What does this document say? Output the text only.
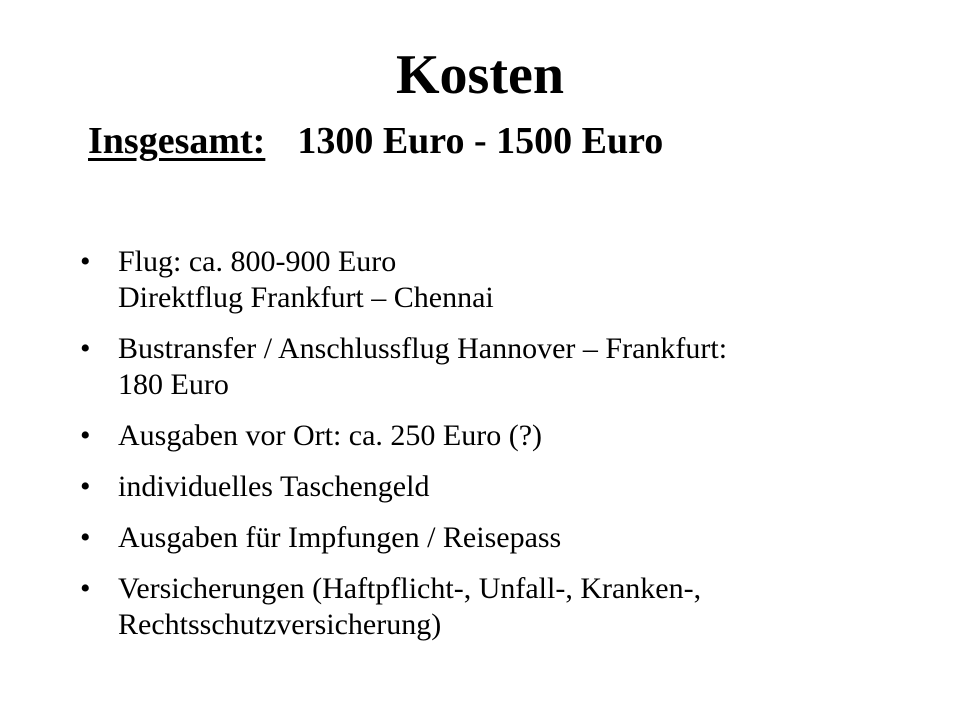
Kosten
Insgesamt: 1300 Euro - 1500 Euro
• Flug: ca. 800-900 Euro
Direktflug Frankfurt – Chennai
• Bustransfer / Anschlussflug Hannover – Frankfurt:
180 Euro
• Ausgaben vor Ort: ca. 250 Euro (?)
• individuelles Taschengeld
• Ausgaben für Impfungen / Reisepass
• Versicherungen (Haftpflicht-, Unfall-, Kranken-,
Rechtsschutzversicherung)
